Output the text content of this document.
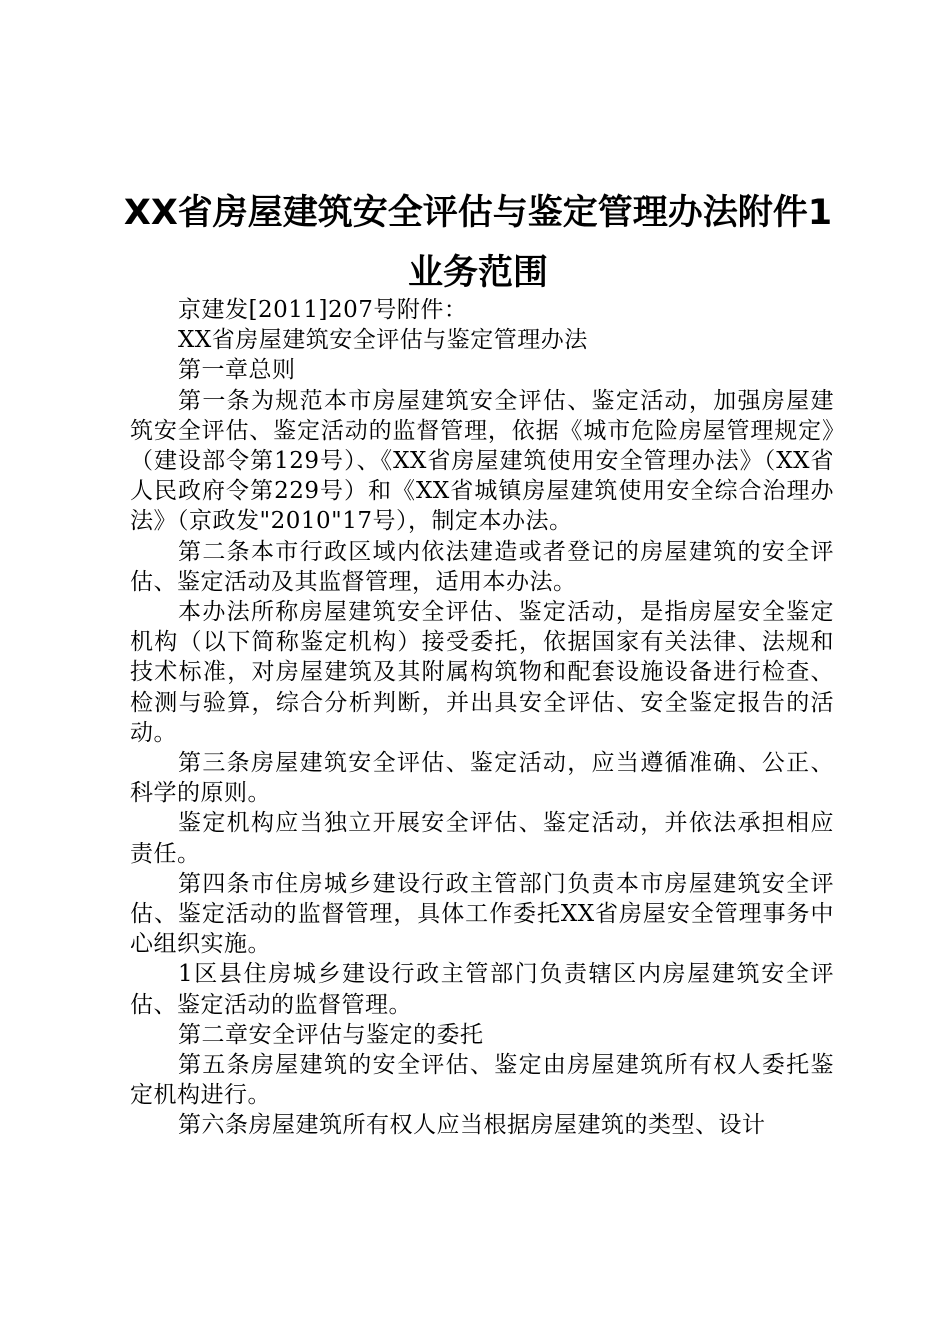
XX省房屋建筑安全评估与鉴定管理办法附件1
业务范围

京建发[2011]207号附件：

XX省房屋建筑安全评估与鉴定管理办法

第一章总则

第一条为规范本市房屋建筑安全评估、鉴定活动，加强房屋建筑安全评估、鉴定活动的监督管理，依据《城市危险房屋管理规定》（建设部令第129号）、《XX省房屋建筑使用安全管理办法》（XX省人民政府令第229号）和《XX省城镇房屋建筑使用安全综合治理办法》（京政发"2010"17号），制定本办法。

第二条本市行政区域内依法建造或者登记的房屋建筑的安全评估、鉴定活动及其监督管理，适用本办法。

本办法所称房屋建筑安全评估、鉴定活动，是指房屋安全鉴定机构（以下简称鉴定机构）接受委托，依据国家有关法律、法规和技术标准，对房屋建筑及其附属构筑物和配套设施设备进行检查、检测与验算，综合分析判断，并出具安全评估、安全鉴定报告的活动。

第三条房屋建筑安全评估、鉴定活动，应当遵循准确、公正、科学的原则。

鉴定机构应当独立开展安全评估、鉴定活动，并依法承担相应责任。

第四条市住房城乡建设行政主管部门负责本市房屋建筑安全评估、鉴定活动的监督管理，具体工作委托XX省房屋安全管理事务中心组织实施。

1区县住房城乡建设行政主管部门负责辖区内房屋建筑安全评估、鉴定活动的监督管理。

第二章安全评估与鉴定的委托

第五条房屋建筑的安全评估、鉴定由房屋建筑所有权人委托鉴定机构进行。

第六条房屋建筑所有权人应当根据房屋建筑的类型、设计
